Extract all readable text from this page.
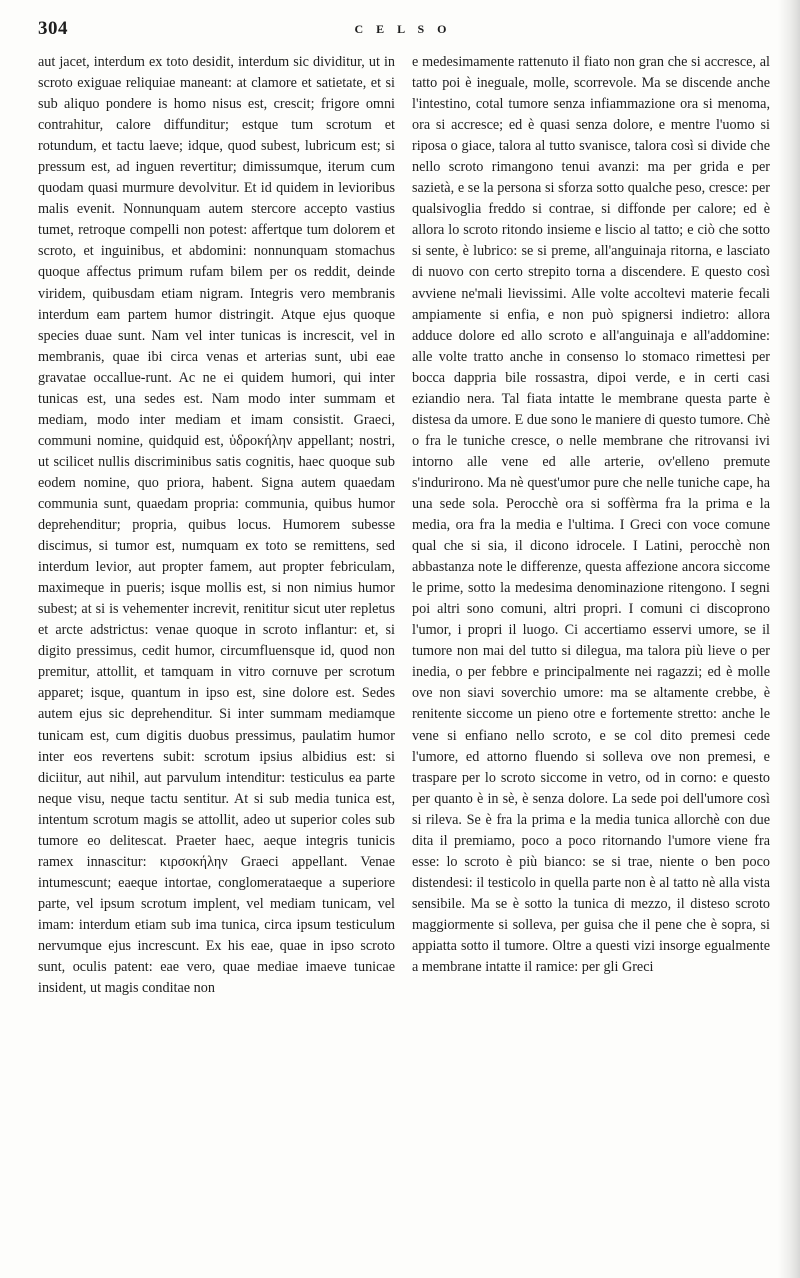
304	C E L S O

aut jacet, interdum ex toto desidit, interdum sic dividitur, ut in scroto exiguae reliquiae maneant: at clamore et satietate, et si sub aliquo pondere is homo nisus est, crescit; frigore omni contrahitur, calore diffunditur; estque tum scrotum et rotundum, et tactu laeve; idque, quod subest, lubricum est; si pressum est, ad inguen revertitur; dimissumque, iterum cum quodam quasi murmure devolvitur. Et id quidem in levioribus malis evenit. Nonnunquam autem stercore accepto vastius tumet, retroque compelli non potest: affertque tum dolorem et scroto, et inguinibus, et abdomini: nonnunquam stomachus quoque affectus primum rufam bilem per os reddit, deinde viridem, quibusdam etiam nigram. Integris vero membranis interdum eam partem humor distringit. Atque ejus quoque species duae sunt. Nam vel inter tunicas is increscit, vel in membranis, quae ibi circa venas et arterias sunt, ubi eae gravatae occallue-runt. Ac ne ei quidem humori, qui inter tunicas est, una sedes est. Nam modo inter summam et mediam, modo inter mediam et imam consistit. Graeci, communi nomine, quidquid est, ὑδροκήλην appellant; nostri, ut scilicet nullis discriminibus satis cognitis, haec quoque sub eodem nomine, quo priora, habent. Signa autem quaedam communia sunt, quaedam propria: communia, quibus humor deprehenditur; propria, quibus locus. Humorem subesse discimus, si tumor est, numquam ex toto se remittens, sed interdum levior, aut propter famem, aut propter febriculam, maximeque in pueris; isque mollis est, si non nimius humor subest; at si is vehementer increvit, renititur sicut uter repletus et arcte adstrictus: venae quoque in scroto inflantur: et, si digito pressimus, cedit humor, circumfluensque id, quod non premitur, attollit, et tamquam in vitro cornuve per scrotum apparet; isque, quantum in ipso est, sine dolore est. Sedes autem ejus sic deprehenditur. Si inter summam mediamque tunicam est, cum digitis duobus pressimus, paulatim humor inter eos revertens subit: scrotum ipsius albidius est: si diciitur, aut nihil, aut parvulum intenditur: testiculus ea parte neque visu, neque tactu sentitur. At si sub media tunica est, intentum scrotum magis se attollit, adeo ut superior coles sub tumore eo delitescat. Praeter haec, aeque integris tunicis ramex innascitur: κιρσοκήλην Graeci appellant. Venae intumescunt; eaeque intortae, conglomerataeque a superiore parte, vel ipsum scrotum implent, vel mediam tunicam, vel imam: interdum etiam sub ima tunica, circa ipsum testiculum nervumque ejus increscunt. Ex his eae, quae in ipso scroto sunt, oculis patent: eae vero, quae mediae imaeve tunicae insident, ut magis conditae non

e medesimamente rattenuto il fiato non gran che si accresce, al tatto poi è ineguale, molle, scorrevole. Ma se discende anche l'intestino, cotal tumore senza infiammazione ora si menoma, ora si accresce; ed è quasi senza dolore, e mentre l'uomo si riposa o giace, talora al tutto svanisce, talora così si divide che nello scroto rimangono tenui avanzi: ma per grida e per sazietà, e se la persona si sforza sotto qualche peso, cresce: per qualsivoglia freddo si contrae, si diffonde per calore; ed è allora lo scroto ritondo insieme e liscio al tatto; e ciò che sotto si sente, è lubrico: se si preme, all'anguinaja ritorna, e lasciato di nuovo con certo strepito torna a discendere. E questo così avviene ne'mali lievissimi. Alle volte accoltevi materie fecali ampiamente si enfia, e non può spignersi indietro: allora adduce dolore ed allo scroto e all'anguinaja e all'addomine: alle volte tratto anche in consenso lo stomaco rimettesi per bocca dappria bile rossastra, dipoi verde, e in certi casi eziandio nera. Tal fiata intatte le membrane questa parte è distesa da umore. E due sono le maniere di questo tumore. Chè o fra le tuniche cresce, o nelle membrane che ritrovansi ivi intorno alle vene ed alle arterie, ov'elleno premute s'indurirono. Ma nè quest'umor pure che nelle tuniche cape, ha una sede sola. Perocchè ora si soffèrma fra la prima e la media, ora fra la media e l'ultima. I Greci con voce comune qual che si sia, il dicono idrocele. I Latini, perocchè non abbastanza note le differenze, questa affezione ancora siccome le prime, sotto la medesima denominazione ritengono. I segni poi altri sono comuni, altri propri. I comuni ci discoprono l'umor, i propri il luogo. Ci accertiamo esservi umore, se il tumore non mai del tutto si dilegua, ma talora più lieve o per inedia, o per febbre e principalmente nei ragazzi; ed è molle ove non siavi soverchio umore: ma se altamente crebbe, è renitente siccome un pieno otre e fortemente stretto: anche le vene si enfiano nello scroto, e se col dito premesi cede l'umore, ed attorno fluendo si solleva ove non premesi, e traspare per lo scroto siccome in vetro, od in corno: e questo per quanto è in sè, è senza dolore. La sede poi dell'umore così si rileva. Se è fra la prima e la media tunica allorchè con due dita il premiamo, poco a poco ritornando l'umore viene fra esse: lo scroto è più bianco: se si trae, niente o ben poco distendesi: il testicolo in quella parte non è al tatto nè alla vista sensibile. Ma se è sotto la tunica di mezzo, il disteso scroto maggiormente si solleva, per guisa che il pene che è sopra, si appiatta sotto il tumore. Oltre a questi vizi insorge egualmente a membrane intatte il ramice: per gli Greci
